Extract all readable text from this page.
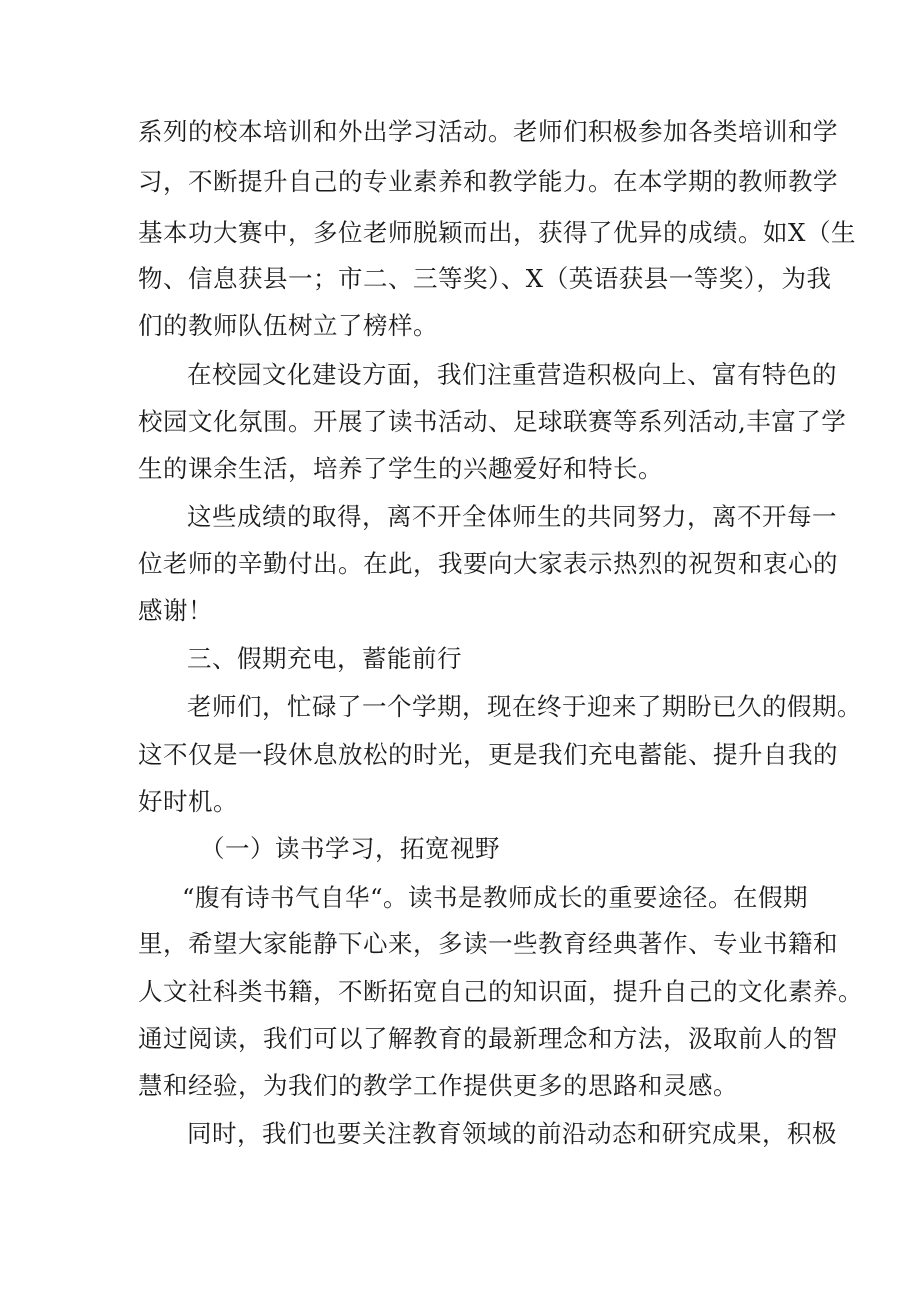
系列的校本培训和外出学习活动。老师们积极参加各类培训和学
习，不断提升自己的专业素养和教学能力。在本学期的教师教学
基本功大赛中，多位老师脱颖而出，获得了优异的成绩。如X（生
物、信息获县一；市二、三等奖）、X（英语获县一等奖），为我
们的教师队伍树立了榜样。
在校园文化建设方面，我们注重营造积极向上、富有特色的
校园文化氛围。开展了读书活动、足球联赛等系列活动,丰富了学
生的课余生活，培养了学生的兴趣爱好和特长。
这些成绩的取得，离不开全体师生的共同努力，离不开每一
位老师的辛勤付出。在此，我要向大家表示热烈的祝贺和衷心的
感谢！
三、假期充电，蓄能前行
老师们，忙碌了一个学期，现在终于迎来了期盼已久的假期。
这不仅是一段休息放松的时光，更是我们充电蓄能、提升自我的
好时机。
（一）读书学习，拓宽视野
“腹有诗书气自华“。读书是教师成长的重要途径。在假期
里，希望大家能静下心来，多读一些教育经典著作、专业书籍和
人文社科类书籍，不断拓宽自己的知识面，提升自己的文化素养。
通过阅读，我们可以了解教育的最新理念和方法，汲取前人的智
慧和经验，为我们的教学工作提供更多的思路和灵感。
同时，我们也要关注教育领域的前沿动态和研究成果，积极
